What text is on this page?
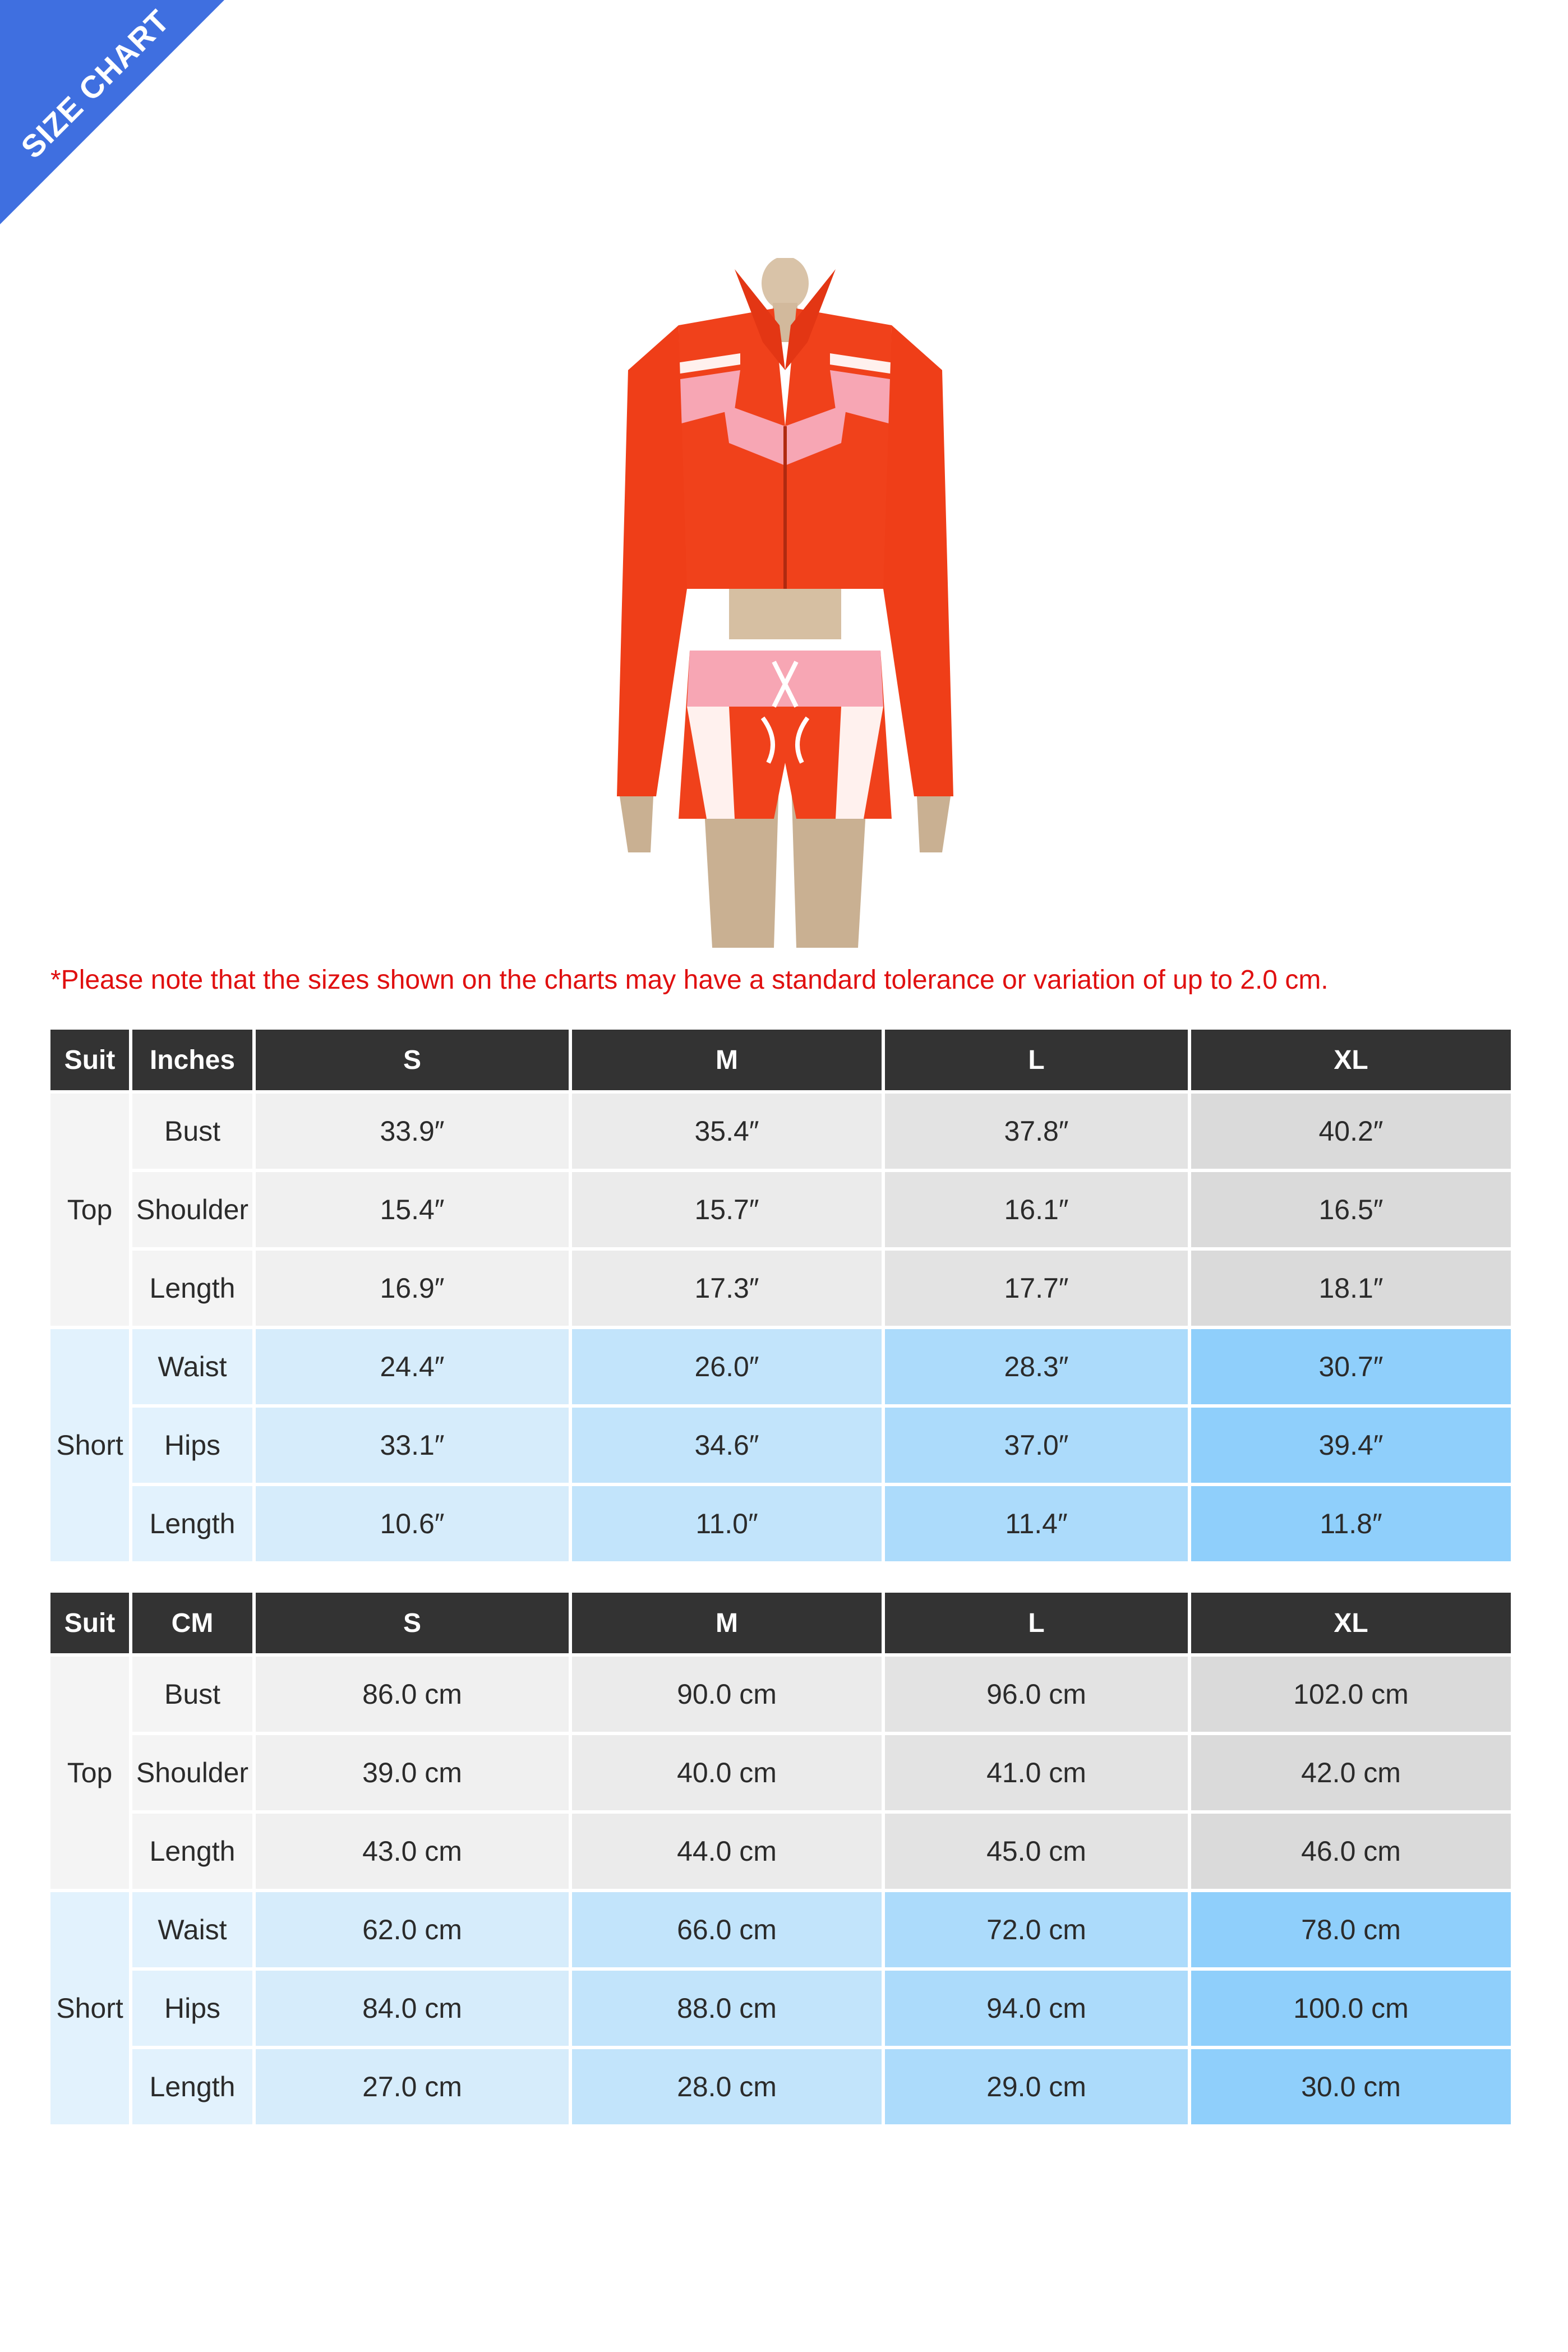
SIZE CHART
*Please note that the sizes shown on the charts may have a standard tolerance or variation of up to 2.0 cm.
Suit	Inches	S	M	L	XL
Top	Bust	33.9″	35.4″	37.8″	40.2″
	Shoulder	15.4″	15.7″	16.1″	16.5″
	Length	16.9″	17.3″	17.7″	18.1″
Short	Waist	24.4″	26.0″	28.3″	30.7″
	Hips	33.1″	34.6″	37.0″	39.4″
	Length	10.6″	11.0″	11.4″	11.8″
Suit	CM	S	M	L	XL
Top	Bust	86.0 cm	90.0 cm	96.0 cm	102.0 cm
	Shoulder	39.0 cm	40.0 cm	41.0 cm	42.0 cm
	Length	43.0 cm	44.0 cm	45.0 cm	46.0 cm
Short	Waist	62.0 cm	66.0 cm	72.0 cm	78.0 cm
	Hips	84.0 cm	88.0 cm	94.0 cm	100.0 cm
	Length	27.0 cm	28.0 cm	29.0 cm	30.0 cm
